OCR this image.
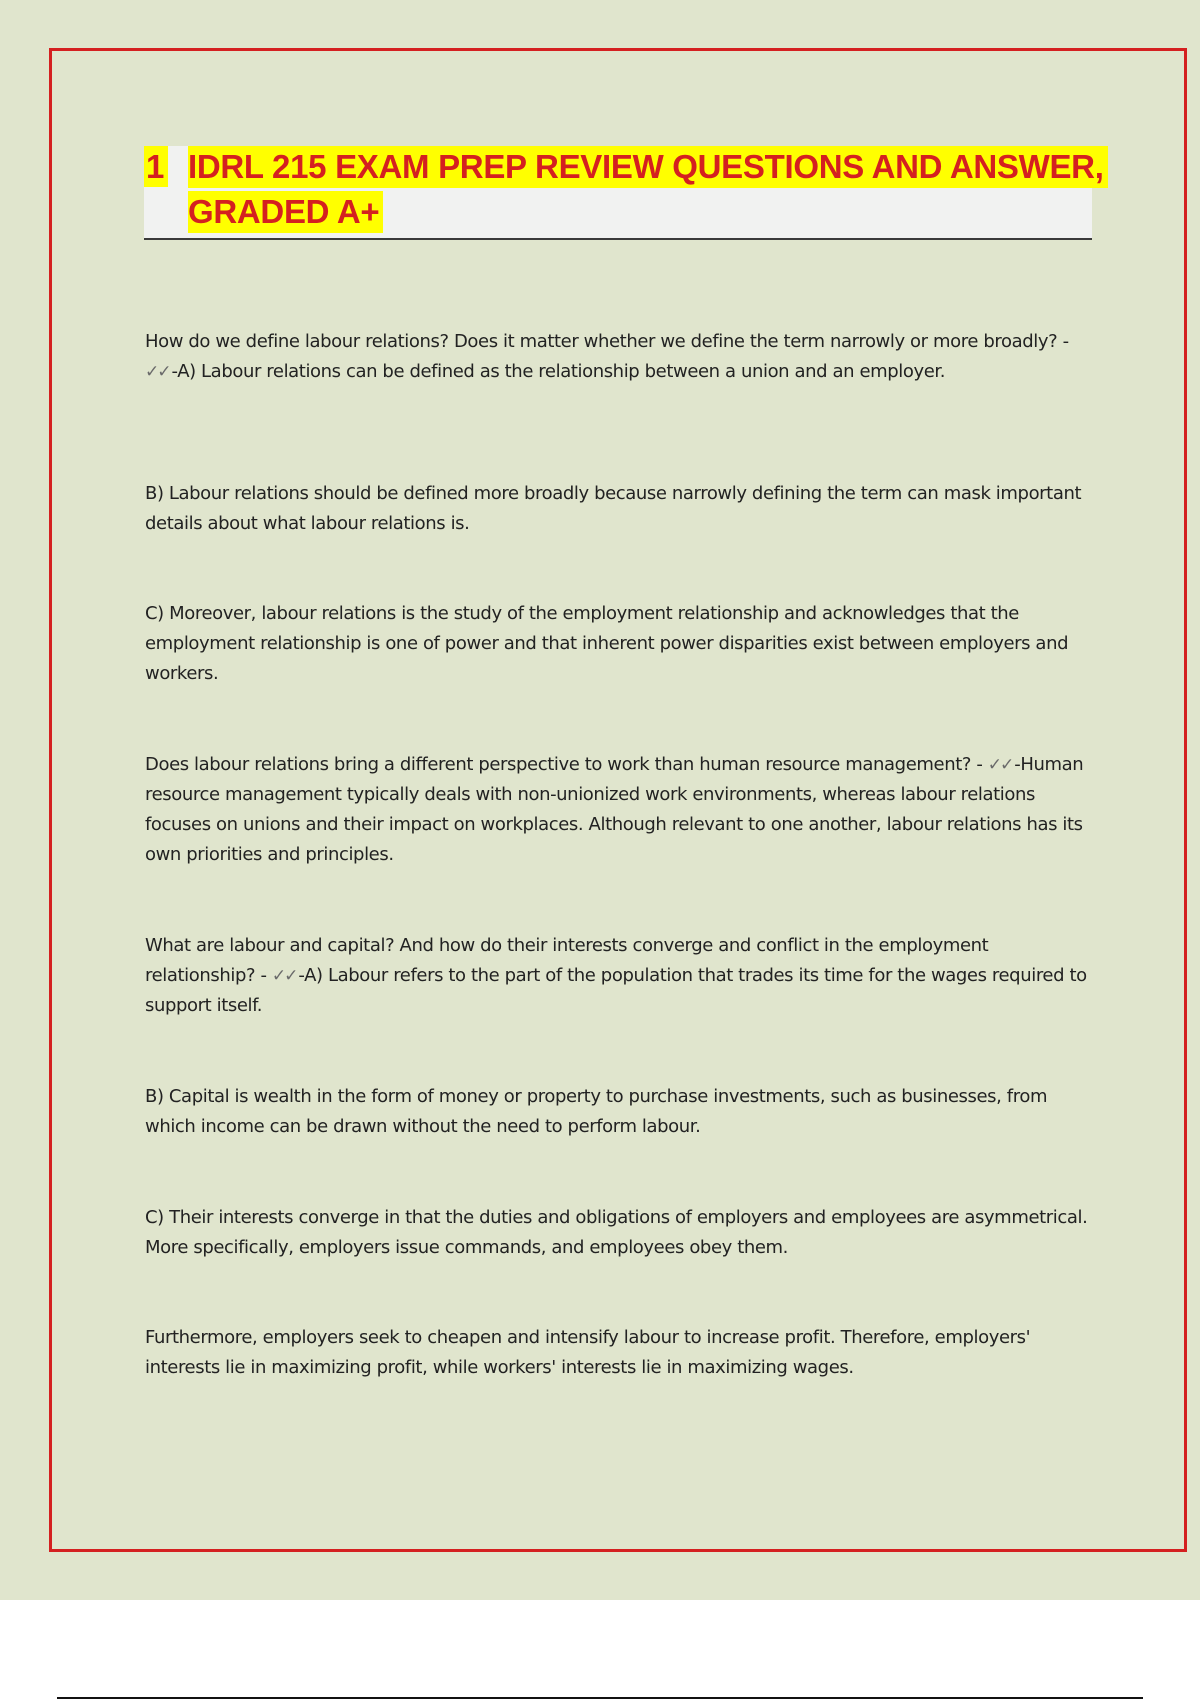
1 IDRL 215 EXAM PREP REVIEW QUESTIONS AND ANSWER,
GRADED A+

How do we define labour relations? Does it matter whether we define the term narrowly or more broadly? - ✓✓ -A) Labour relations can be defined as the relationship between a union and an employer.

B) Labour relations should be defined more broadly because narrowly defining the term can mask important details about what labour relations is.

C) Moreover, labour relations is the study of the employment relationship and acknowledges that the employment relationship is one of power and that inherent power disparities exist between employers and workers.

Does labour relations bring a different perspective to work than human resource management? - ✓✓ -Human resource management typically deals with non-unionized work environments, whereas labour relations focuses on unions and their impact on workplaces. Although relevant to one another, labour relations has its own priorities and principles.

What are labour and capital? And how do their interests converge and conflict in the employment relationship? - ✓✓ -A) Labour refers to the part of the population that trades its time for the wages required to support itself.

B) Capital is wealth in the form of money or property to purchase investments, such as businesses, from which income can be drawn without the need to perform labour.

C) Their interests converge in that the duties and obligations of employers and employees are asymmetrical. More specifically, employers issue commands, and employees obey them.

Furthermore, employers seek to cheapen and intensify labour to increase profit. Therefore, employers' interests lie in maximizing profit, while workers' interests lie in maximizing wages.
